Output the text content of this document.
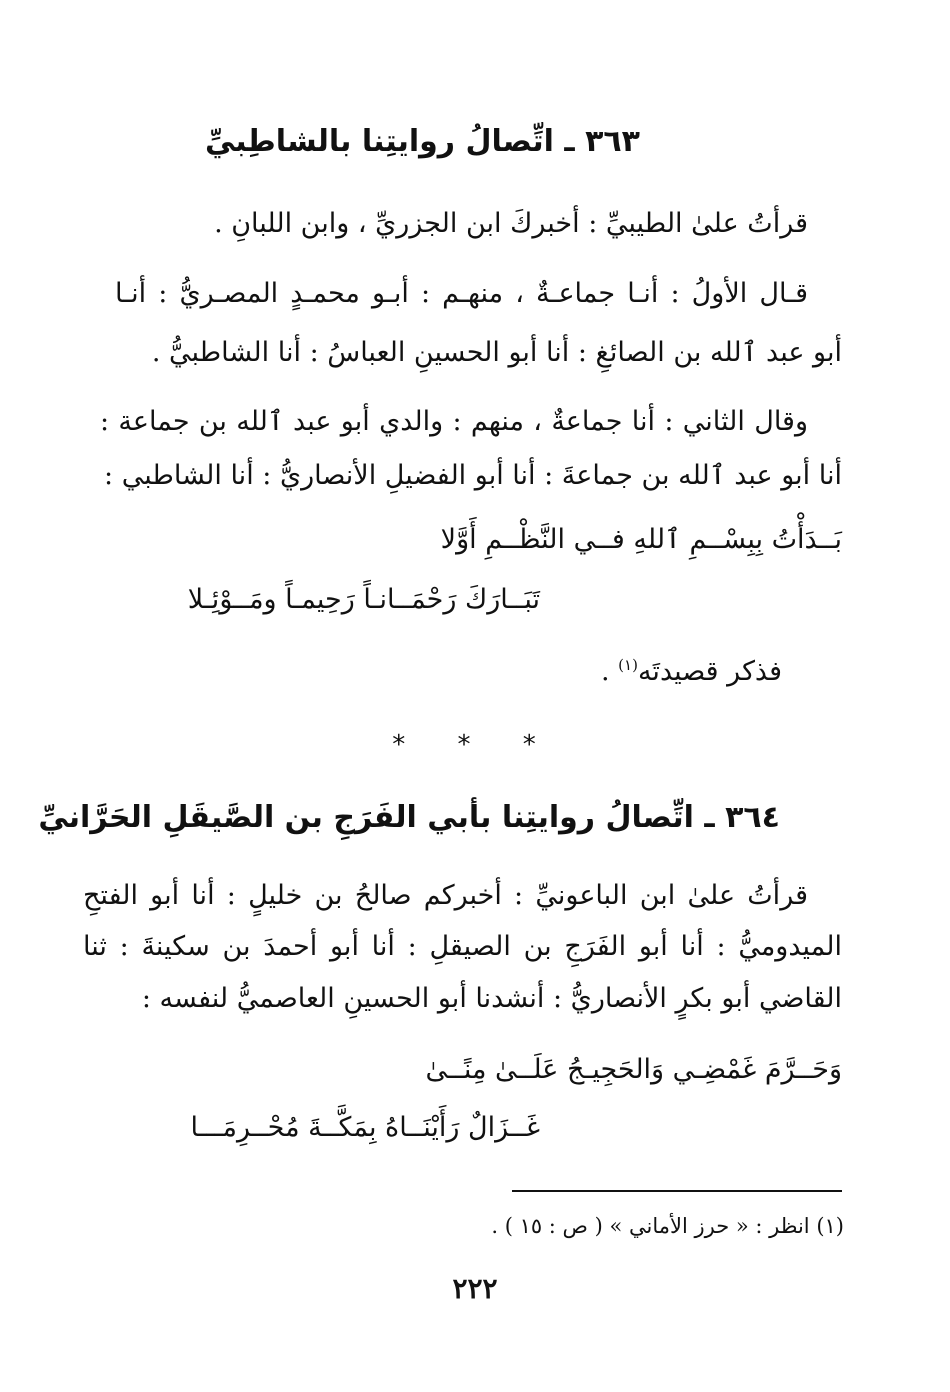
٣٦٣ ـ اتِّصالُ روايتِنا بالشاطِبيِّ
قرأتُ علىٰ الطيبيِّ : أخبركَ ابن الجزريِّ ، وابن اللبانِ .
قـال الأولُ : أنـا جماعـةٌ ، منهـم : أبـو محمـدٍ المصـريُّ : أنـا
أبو عبد ٱلله بن الصائغِ : أنا أبو الحسينِ العباسُ : أنا الشاطبيُّ .
وقال الثاني : أنا جماعةٌ ، منهم : والدي أبو عبد ٱلله بن جماعة :
أنا أبو عبد ٱلله بن جماعةَ : أنا أبو الفضيلِ الأنصاريُّ : أنا الشاطبي :
بَــدَأْتُ بِبِسْــمِ ٱللهِ فــي النَّظْــمِ أَوَّلا
تَبَــارَكَ رَحْمَــانـاً رَحِيمـاً ومَــوْئِـلا
فذكر قصيدتَه$^{(١)}$ .
* * *
٣٦٤ ـ اتِّصالُ روايتِنا بأبي الفَرَجِ بن الصَّيقَلِ الحَرَّانيِّ
قرأتُ علىٰ ابن الباعونيِّ : أخبركم صالحُ بن خليلٍ : أنا أبو الفتحِ
الميدوميُّ : أنا أبو الفَرَجِ بن الصيقلِ : أنا أبو أحمدَ بن سكينةَ : ثنا
القاضي أبو بكرٍ الأنصاريُّ : أنشدنا أبو الحسينِ العاصميُّ لنفسه :
وَحَــرَّمَ غَمْضِـي وَالحَجِيـجُ عَلَــىٰ مِنًــىٰ
غَــزَالٌ رَأَيْنَــاهُ بِمَكَّــةَ مُحْــرِمَـــا
(١) انظر : « حرز الأماني » ( ص : ١٥ ) .
٢٢٢
